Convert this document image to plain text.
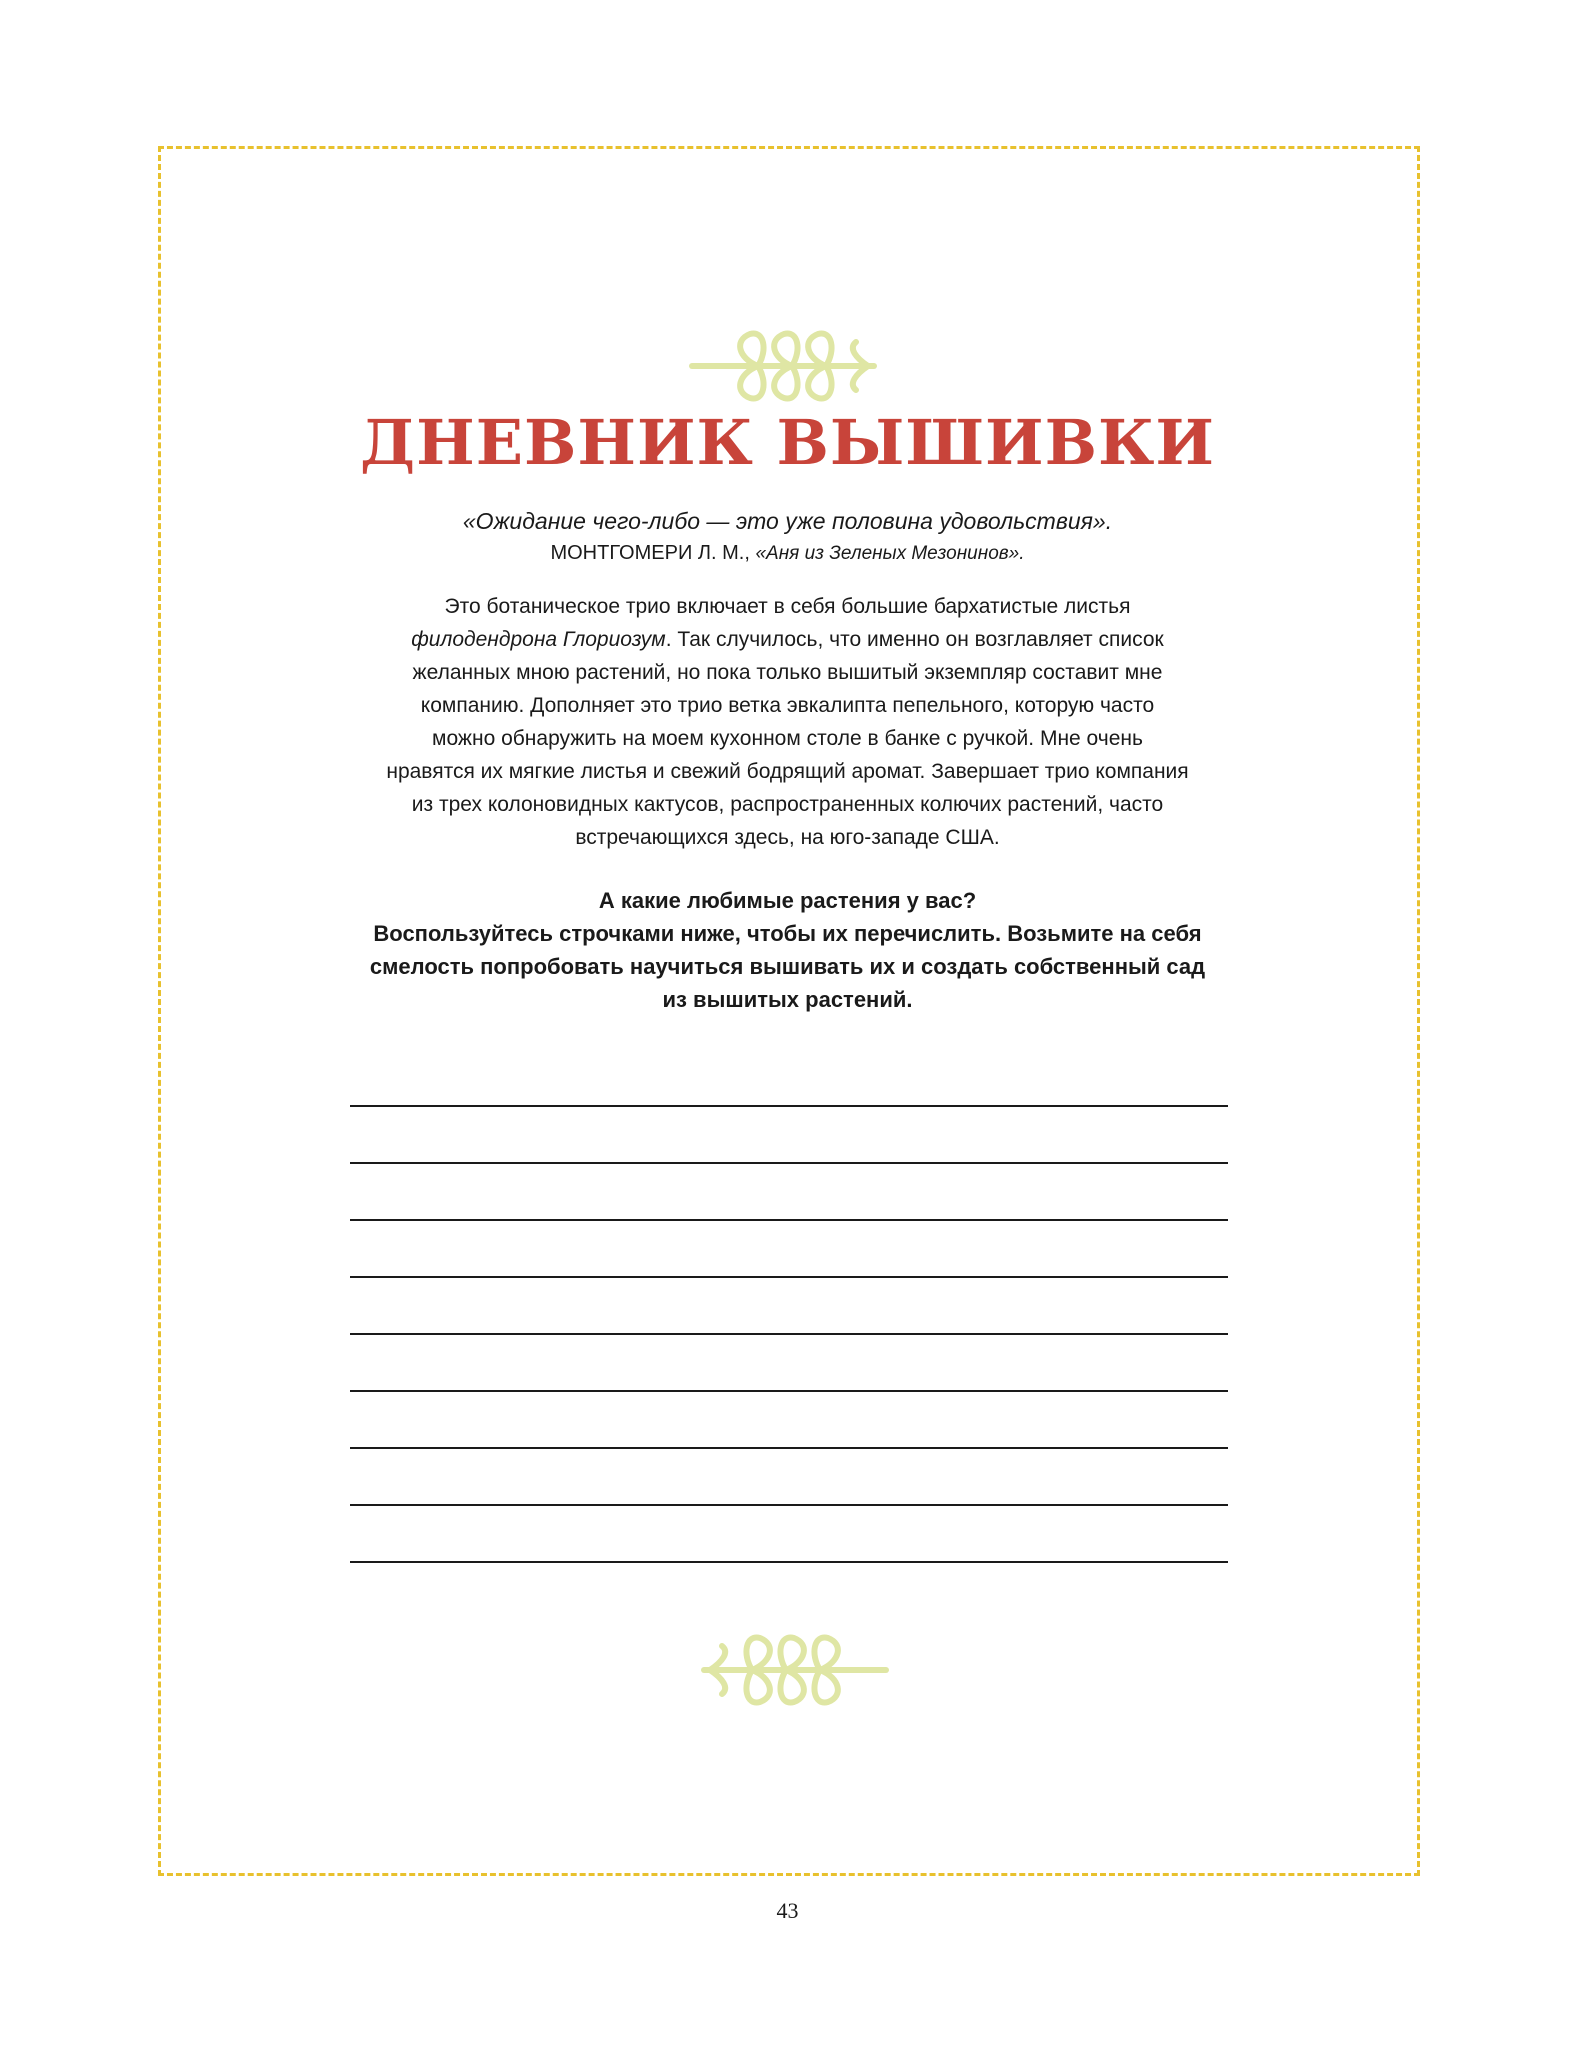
ДНЕВНИК ВЫШИВКИ

«Ожидание чего-либо — это уже половина удовольствия».

МОНТГОМЕРИ Л. М., «Аня из Зеленых Мезонинов».

Это ботаническое трио включает в себя большие бархатистые листья
филодендрона Глориозум. Так случилось, что именно он возглавляет список
желанных мною растений, но пока только вышитый экземпляр составит мне
компанию. Дополняет это трио ветка эвкалипта пепельного, которую часто
можно обнаружить на моем кухонном столе в банке с ручкой. Мне очень
нравятся их мягкие листья и свежий бодрящий аромат. Завершает трио компания
из трех колоновидных кактусов, распространенных колючих растений, часто
встречающихся здесь, на юго-западе США.
А какие любимые растения у вас?
Воспользуйтесь строчками ниже, чтобы их перечислить. Возьмите на себя
смелость попробовать научиться вышивать их и создать собственный сад
из вышитых растений.

43
